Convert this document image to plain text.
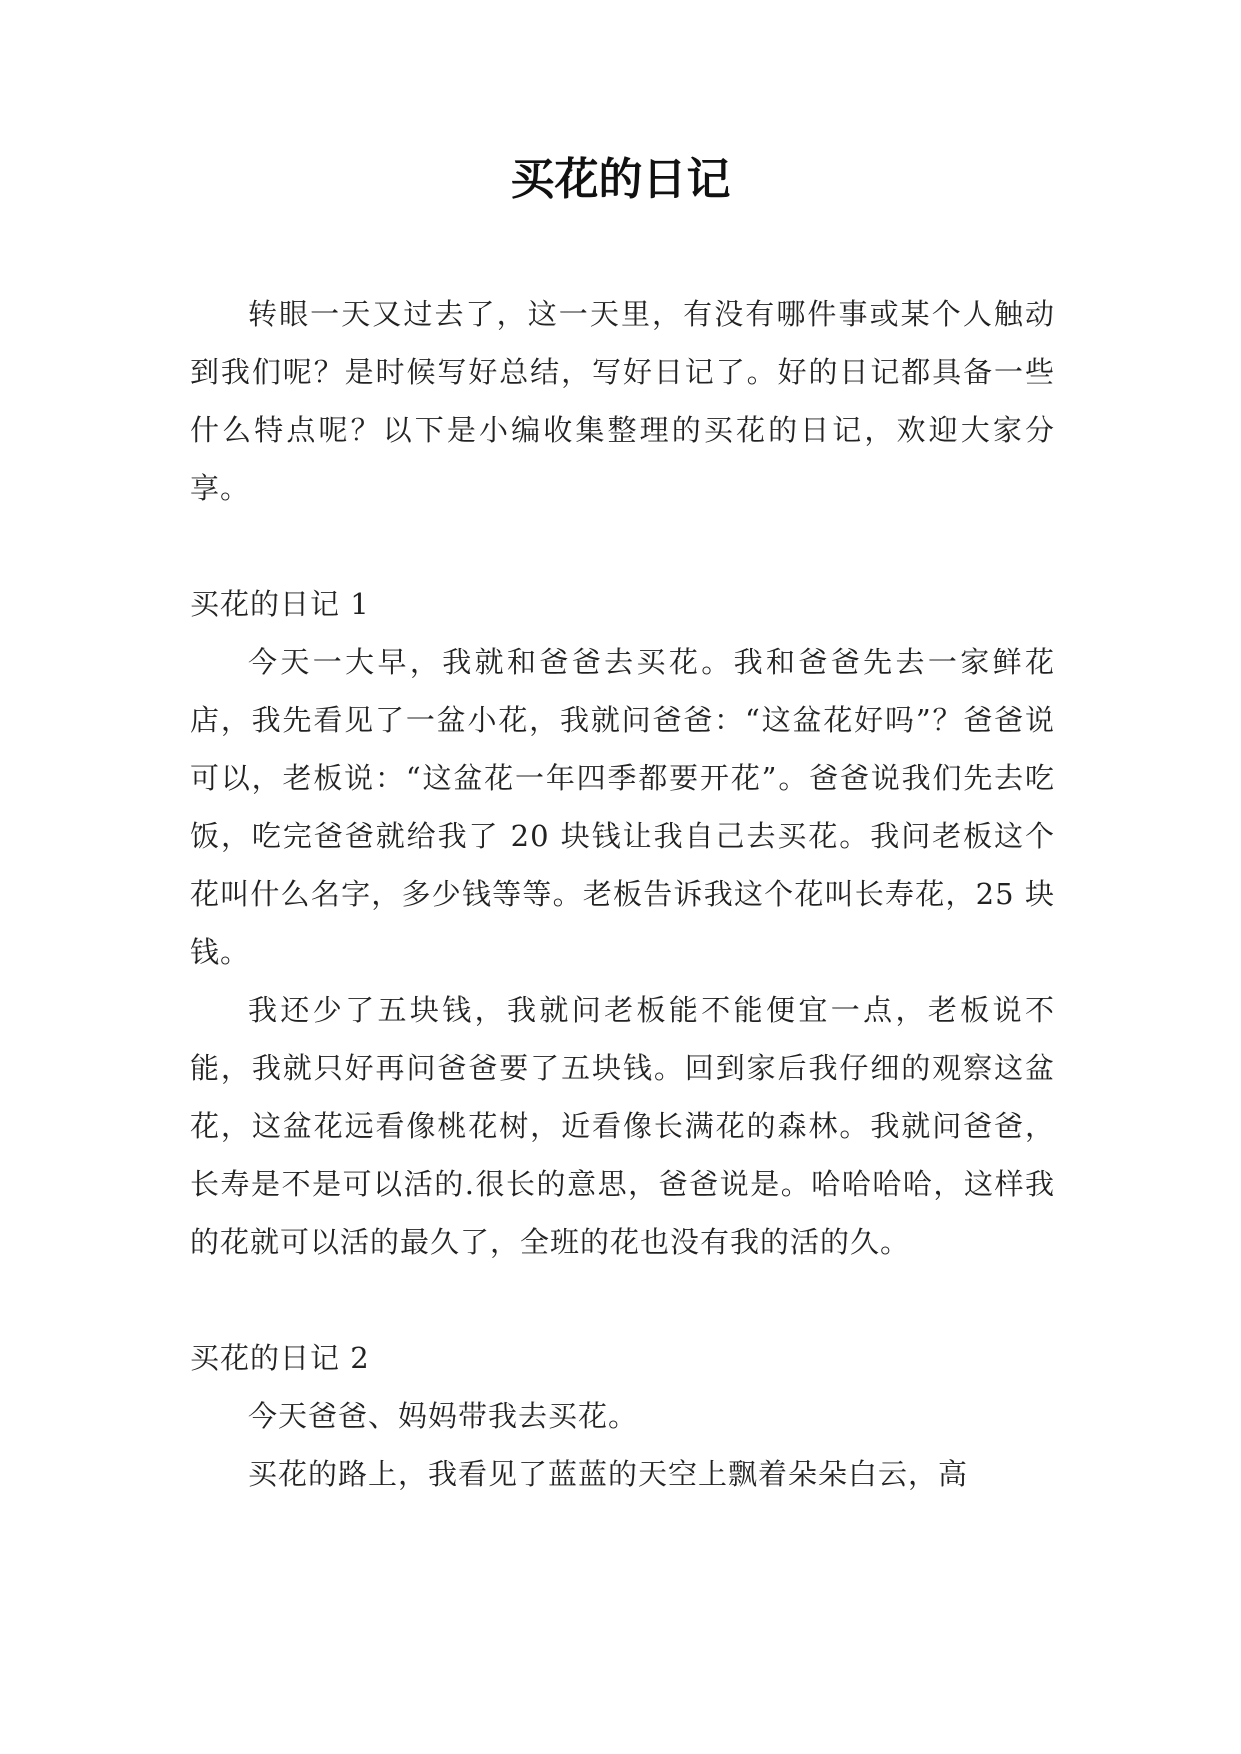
买花的日记

转眼一天又过去了，这一天里，有没有哪件事或某个人触动到我们呢？是时候写好总结，写好日记了。好的日记都具备一些什么特点呢？以下是小编收集整理的买花的日记，欢迎大家分享。

买花的日记 1

今天一大早，我就和爸爸去买花。我和爸爸先去一家鲜花店，我先看见了一盆小花，我就问爸爸：“这盆花好吗”？爸爸说可以，老板说：“这盆花一年四季都要开花”。爸爸说我们先去吃饭，吃完爸爸就给我了 20 块钱让我自己去买花。我问老板这个花叫什么名字，多少钱等等。老板告诉我这个花叫长寿花，25 块钱。

我还少了五块钱，我就问老板能不能便宜一点，老板说不能，我就只好再问爸爸要了五块钱。回到家后我仔细的观察这盆花，这盆花远看像桃花树，近看像长满花的森林。我就问爸爸，长寿是不是可以活的.很长的意思，爸爸说是。哈哈哈哈，这样我的花就可以活的最久了，全班的花也没有我的活的久。

买花的日记 2

今天爸爸、妈妈带我去买花。

买花的路上，我看见了蓝蓝的天空上飘着朵朵白云，高
